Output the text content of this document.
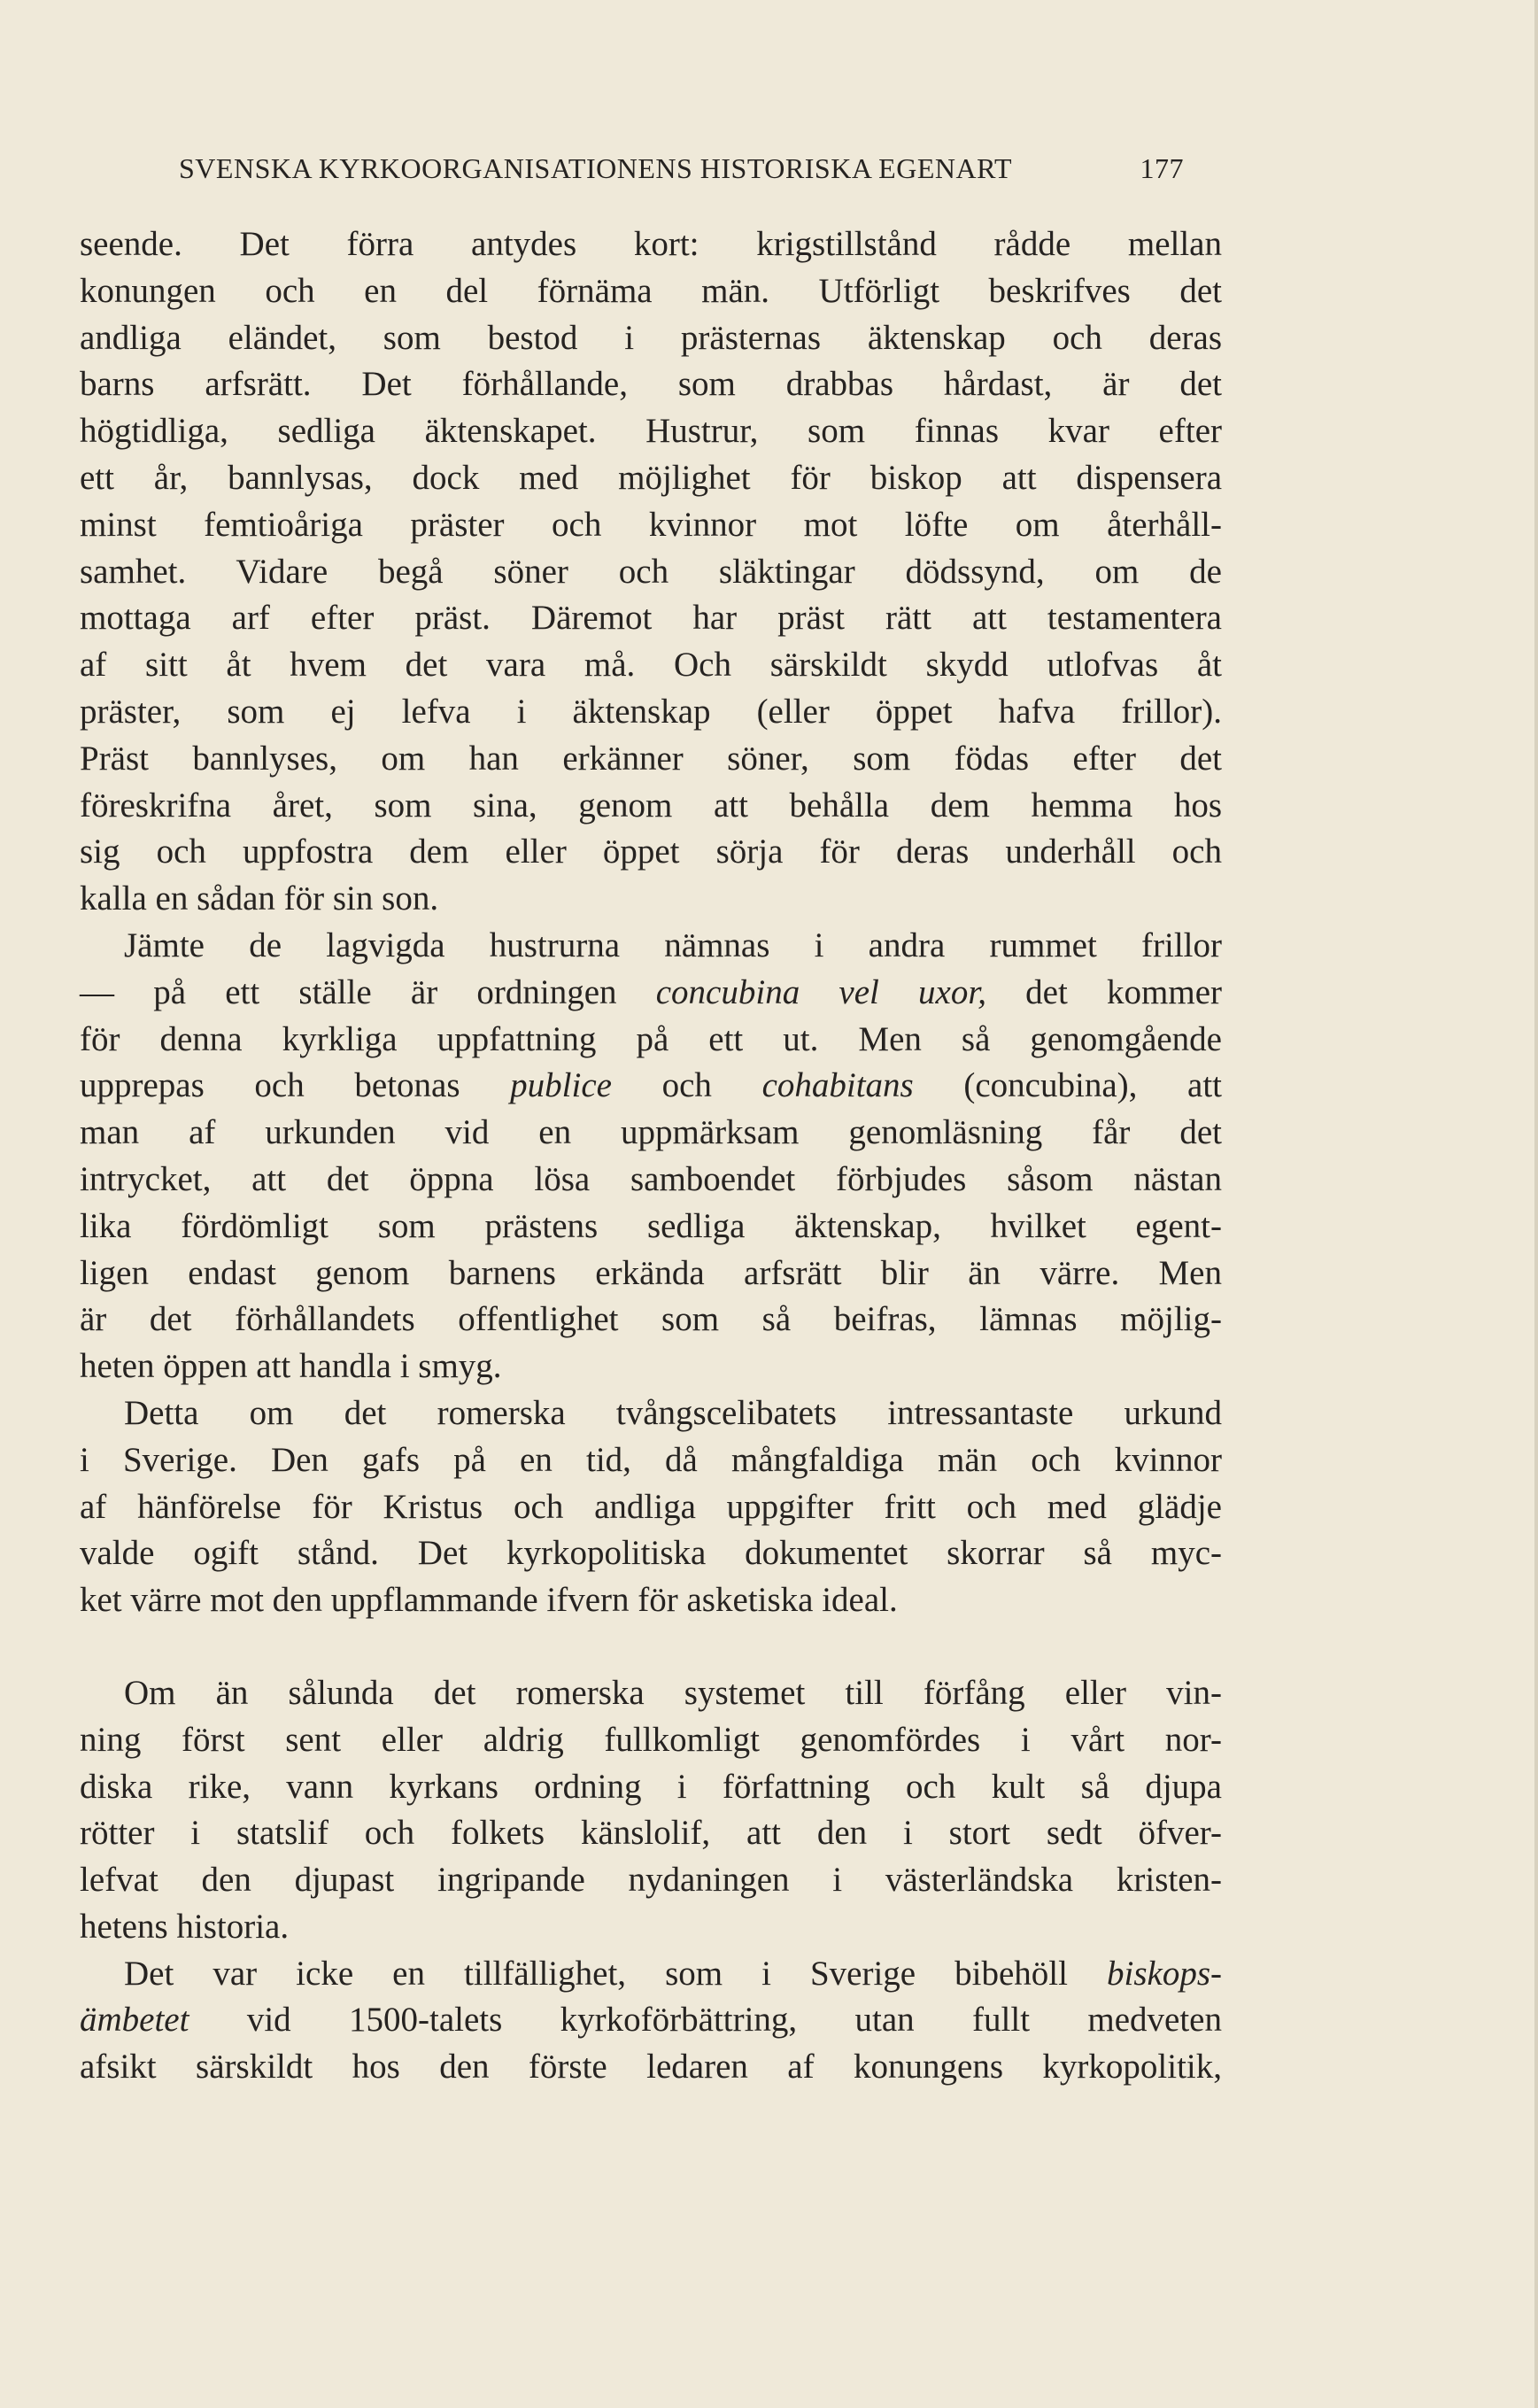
SVENSKA KYRKOORGANISATIONENS HISTORISKA EGENART	177
seende. Det förra antydes kort: krigstillstånd rådde mellan
konungen och en del förnäma män. Utförligt beskrifves det
andliga eländet, som bestod i prästernas äktenskap och deras
barns arfsrätt. Det förhållande, som drabbas hårdast, är det
högtidliga, sedliga äktenskapet. Hustrur, som finnas kvar efter
ett år, bannlysas, dock med möjlighet för biskop att dispensera
minst femtioåriga präster och kvinnor mot löfte om återhåll-
samhet. Vidare begå söner och släktingar dödssynd, om de
mottaga arf efter präst. Däremot har präst rätt att testamentera
af sitt åt hvem det vara må. Och särskildt skydd utlofvas åt
präster, som ej lefva i äktenskap (eller öppet hafva frillor).
Präst bannlyses, om han erkänner söner, som födas efter det
föreskrifna året, som sina, genom att behålla dem hemma hos
sig och uppfostra dem eller öppet sörja för deras underhåll och
kalla en sådan för sin son.
Jämte de lagvigda hustrurna nämnas i andra rummet frillor
— på ett ställe är ordningen concubina vel uxor, det kommer
för denna kyrkliga uppfattning på ett ut. Men så genomgående
upprepas och betonas publice och cohabitans (concubina), att
man af urkunden vid en uppmärksam genomläsning får det
intrycket, att det öppna lösa samboendet förbjudes såsom nästan
lika fördömligt som prästens sedliga äktenskap, hvilket egent-
ligen endast genom barnens erkända arfsrätt blir än värre. Men
är det förhållandets offentlighet som så beifras, lämnas möjlig-
heten öppen att handla i smyg.
Detta om det romerska tvångscelibatets intressantaste urkund
i Sverige. Den gafs på en tid, då mångfaldiga män och kvinnor
af hänförelse för Kristus och andliga uppgifter fritt och med glädje
valde ogift stånd. Det kyrkopolitiska dokumentet skorrar så myc-
ket värre mot den uppflammande ifvern för asketiska ideal.
Om än sålunda det romerska systemet till förfång eller vin-
ning först sent eller aldrig fullkomligt genomfördes i vårt nor-
diska rike, vann kyrkans ordning i författning och kult så djupa
rötter i statslif och folkets känslolif, att den i stort sedt öfver-
lefvat den djupast ingripande nydaningen i västerländska kristen-
hetens historia.
Det var icke en tillfällighet, som i Sverige bibehöll biskops-
ämbetet vid 1500-talets kyrkoförbättring, utan fullt medveten
afsikt särskildt hos den förste ledaren af konungens kyrkopolitik,
